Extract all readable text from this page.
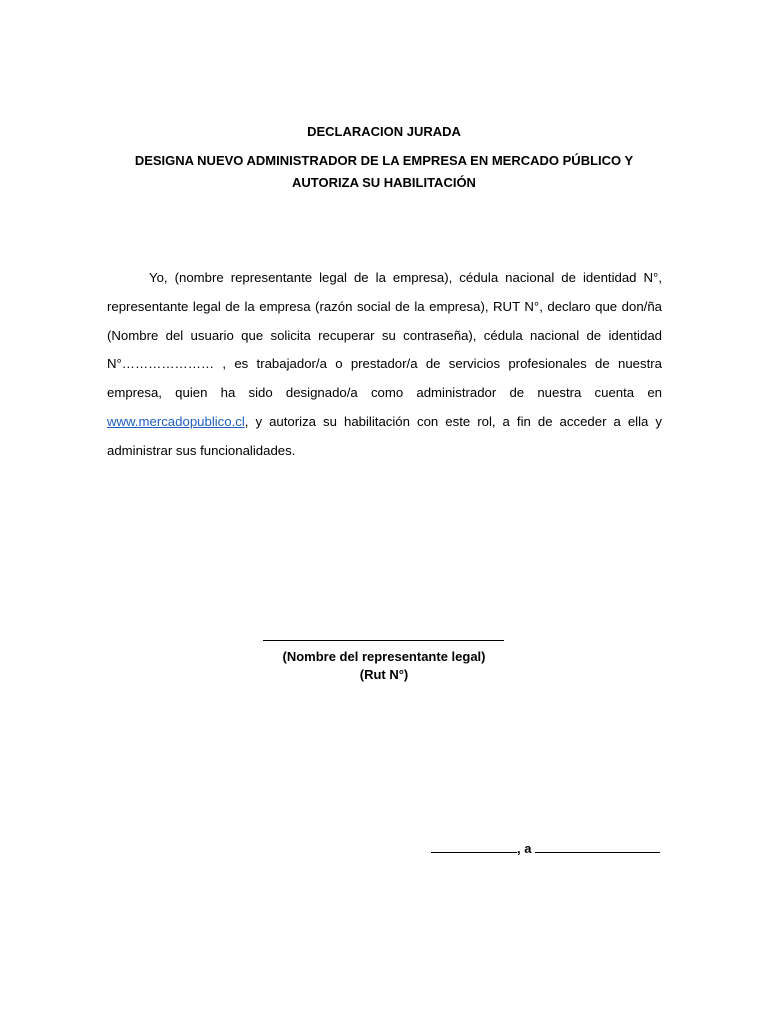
DECLARACION JURADA
DESIGNA NUEVO ADMINISTRADOR DE LA EMPRESA EN MERCADO PÚBLICO Y
AUTORIZA SU HABILITACIÓN
Yo, (nombre representante legal de la empresa), cédula nacional de identidad N°, representante legal de la empresa (razón social de la empresa), RUT N°, declaro que don/ña (Nombre del usuario que solicita recuperar su contraseña), cédula nacional de identidad N°………………… , es trabajador/a o prestador/a de servicios profesionales de nuestra empresa, quien ha sido designado/a como administrador de nuestra cuenta en www.mercadopublico.cl, y autoriza su habilitación con este rol, a fin de acceder a ella y administrar sus funcionalidades.
(Nombre del representante legal)
(Rut N°)
, a
